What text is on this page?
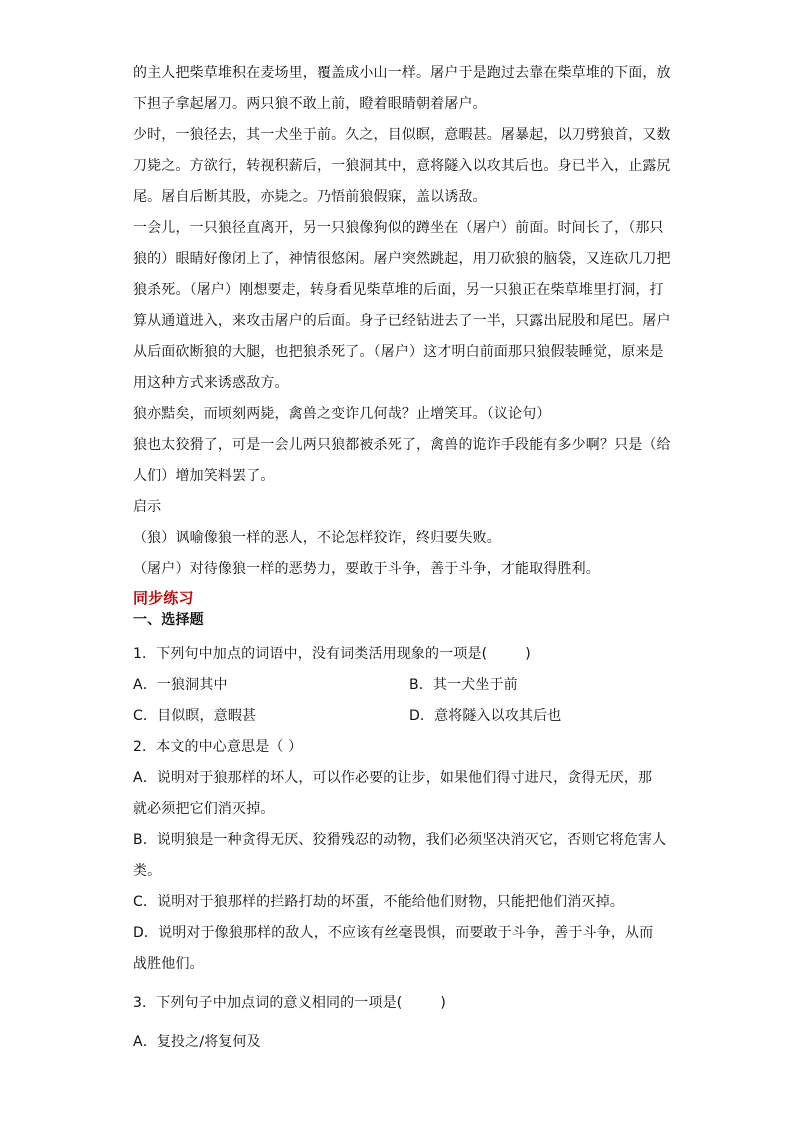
的主人把柴草堆积在麦场里，覆盖成小山一样。屠户于是跑过去靠在柴草堆的下面，放

下担子拿起屠刀。两只狼不敢上前，瞪着眼睛朝着屠户。

少时，一狼径去，其一犬坐于前。久之，目似瞑，意暇甚。屠暴起，以刀劈狼首，又数

刀毙之。方欲行，转视积薪后，一狼洞其中，意将隧入以攻其后也。身已半入，止露尻

尾。屠自后断其股，亦毙之。乃悟前狼假寐，盖以诱敌。

一会儿，一只狼径直离开，另一只狼像狗似的蹲坐在（屠户）前面。时间长了，（那只

狼的）眼睛好像闭上了，神情很悠闲。屠户突然跳起，用刀砍狼的脑袋，又连砍几刀把

狼杀死。（屠户）刚想要走，转身看见柴草堆的后面，另一只狼正在柴草堆里打洞，打

算从通道进入，来攻击屠户的后面。身子已经钻进去了一半，只露出屁股和尾巴。屠户

从后面砍断狼的大腿，也把狼杀死了。（屠户）这才明白前面那只狼假装睡觉，原来是

用这种方式来诱惑敌方。

狼亦黠矣，而顷刻两毙，禽兽之变诈几何哉？止增笑耳。（议论句）

狼也太狡猾了，可是一会儿两只狼都被杀死了，禽兽的诡诈手段能有多少啊？只是（给

人们）增加笑料罢了。

启示

（狼）讽喻像狼一样的恶人，不论怎样狡诈，终归要失败。

（屠户）对待像狼一样的恶势力，要敢于斗争，善于斗争，才能取得胜利。

同步练习

一、选择题

1．下列句中加点的词语中，没有词类活用现象的一项是(	)

A．一狼洞其中	B．其一犬坐于前

C．目似瞑，意暇甚	D．意将隧入以攻其后也

2．本文的中心意思是（ ）

A．说明对于狼那样的坏人，可以作必要的让步，如果他们得寸进尺，贪得无厌，那

就必须把它们消灭掉。

B．说明狼是一种贪得无厌、狡猾残忍的动物，我们必须坚决消灭它，否则它将危害人

类。

C．说明对于狼那样的拦路打劫的坏蛋，不能给他们财物，只能把他们消灭掉。

D．说明对于像狼那样的敌人，不应该有丝毫畏惧，而要敢于斗争，善于斗争，从而

战胜他们。

3．下列句子中加点词的意义相同的一项是(	)

A．复投之/将复何及
